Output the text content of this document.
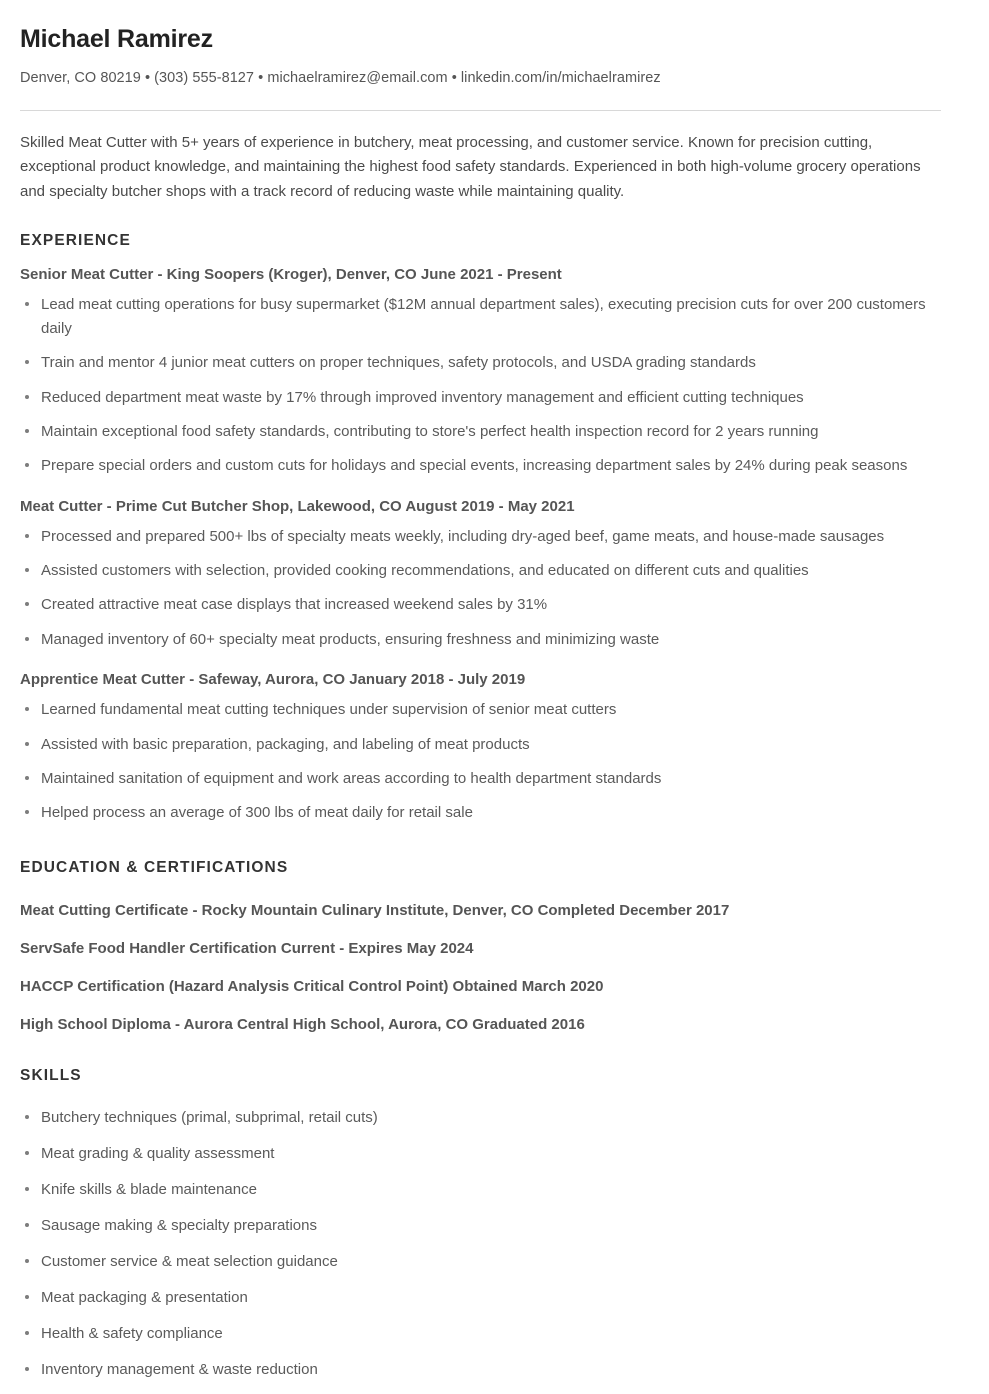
Michael Ramirez

Denver, CO 80219 • (303) 555-8127 • michaelramirez@email.com • linkedin.com/in/michaelramirez

Skilled Meat Cutter with 5+ years of experience in butchery, meat processing, and customer service. Known for precision cutting, exceptional product knowledge, and maintaining the highest food safety standards. Experienced in both high-volume grocery operations and specialty butcher shops with a track record of reducing waste while maintaining quality.

EXPERIENCE
Senior Meat Cutter - King Soopers (Kroger), Denver, CO June 2021 - Present
Lead meat cutting operations for busy supermarket ($12M annual department sales), executing precision cuts for over 200 customers daily
Train and mentor 4 junior meat cutters on proper techniques, safety protocols, and USDA grading standards
Reduced department meat waste by 17% through improved inventory management and efficient cutting techniques
Maintain exceptional food safety standards, contributing to store's perfect health inspection record for 2 years running
Prepare special orders and custom cuts for holidays and special events, increasing department sales by 24% during peak seasons
Meat Cutter - Prime Cut Butcher Shop, Lakewood, CO August 2019 - May 2021
Processed and prepared 500+ lbs of specialty meats weekly, including dry-aged beef, game meats, and house-made sausages
Assisted customers with selection, provided cooking recommendations, and educated on different cuts and qualities
Created attractive meat case displays that increased weekend sales by 31%
Managed inventory of 60+ specialty meat products, ensuring freshness and minimizing waste
Apprentice Meat Cutter - Safeway, Aurora, CO January 2018 - July 2019
Learned fundamental meat cutting techniques under supervision of senior meat cutters
Assisted with basic preparation, packaging, and labeling of meat products
Maintained sanitation of equipment and work areas according to health department standards
Helped process an average of 300 lbs of meat daily for retail sale
EDUCATION & CERTIFICATIONS
Meat Cutting Certificate - Rocky Mountain Culinary Institute, Denver, CO Completed December 2017
ServSafe Food Handler Certification Current - Expires May 2024
HACCP Certification (Hazard Analysis Critical Control Point) Obtained March 2020
High School Diploma - Aurora Central High School, Aurora, CO Graduated 2016
SKILLS
Butchery techniques (primal, subprimal, retail cuts)
Meat grading & quality assessment
Knife skills & blade maintenance
Sausage making & specialty preparations
Customer service & meat selection guidance
Meat packaging & presentation
Health & safety compliance
Inventory management & waste reduction
